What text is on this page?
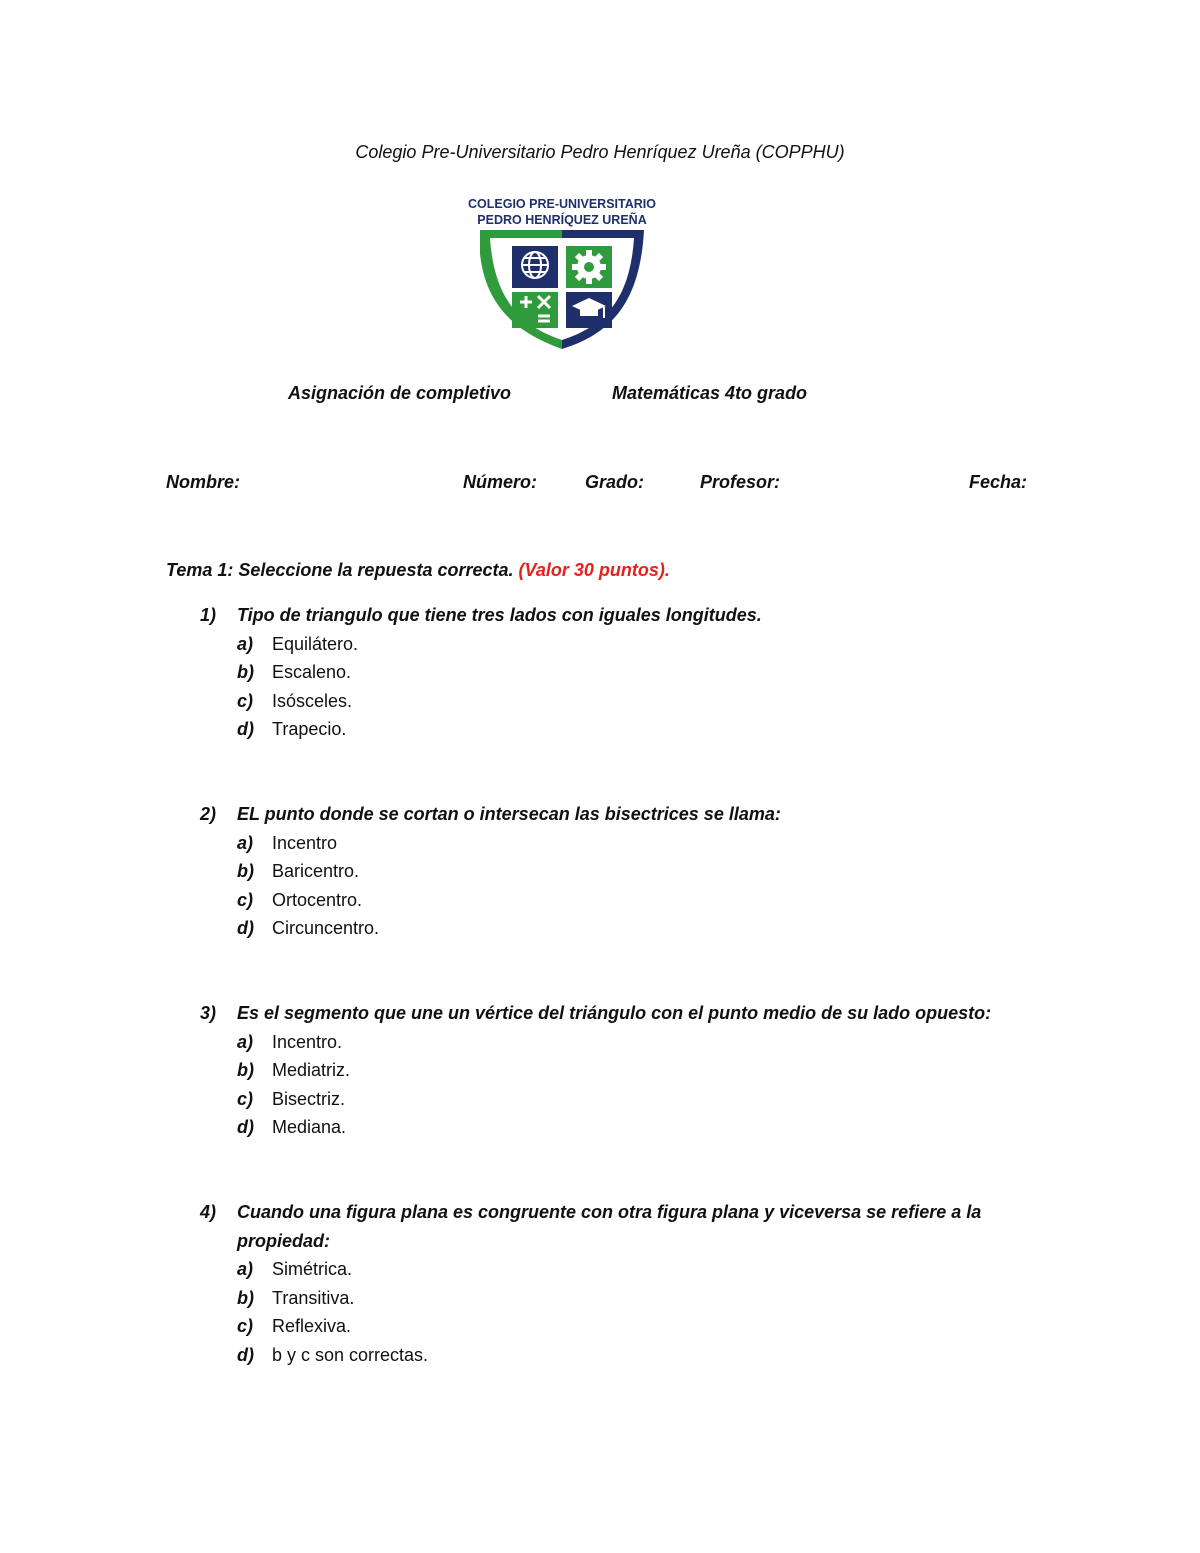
Colegio Pre-Universitario Pedro Henríquez Ureña (COPPHU)
COLEGIO PRE-UNIVERSITARIO
PEDRO HENRÍQUEZ UREÑA
Asignación de completivo	Matemáticas 4to grado
Nombre:	Número:	Grado:	Profesor:	Fecha:
Tema 1: Seleccione la repuesta correcta. (Valor 30 puntos).
1)	Tipo de triangulo que tiene tres lados con iguales longitudes.
a)	Equilátero.
b)	Escaleno.
c)	Isósceles.
d)	Trapecio.
2)	EL punto donde se cortan o intersecan las bisectrices se llama:
a)	Incentro
b)	Baricentro.
c)	Ortocentro.
d)	Circuncentro.
3)	Es el segmento que une un vértice del triángulo con el punto medio de su lado opuesto:
a)	Incentro.
b)	Mediatriz.
c)	Bisectriz.
d)	Mediana.
4)	Cuando una figura plana es congruente con otra figura plana y viceversa se refiere a la propiedad:
a)	Simétrica.
b)	Transitiva.
c)	Reflexiva.
d)	b y c son correctas.
